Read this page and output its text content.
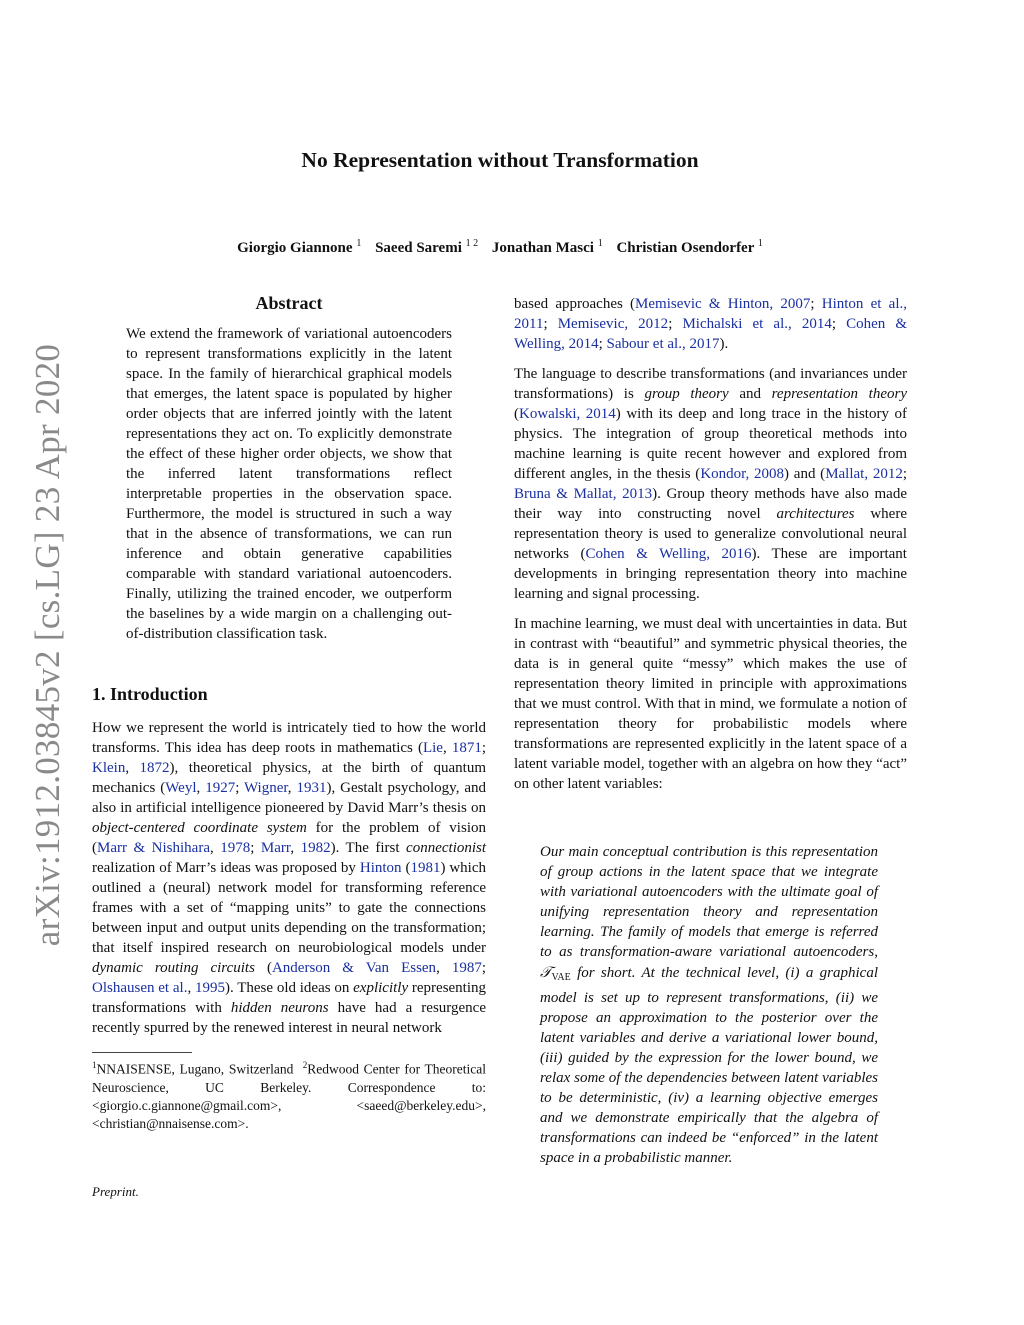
arXiv:1912.03845v2 [cs.LG] 23 Apr 2020
No Representation without Transformation
Giorgio Giannone $^1$ Saeed Saremi $^{1 2}$ Jonathan Masci $^1$ Christian Osendorfer $^1$
Abstract

We extend the framework of variational autoencoders to represent transformations explicitly in the latent space. In the family of hierarchical graphical models that emerges, the latent space is populated by higher order objects that are inferred jointly with the latent representations they act on. To explicitly demonstrate the effect of these higher order objects, we show that the inferred latent transformations reflect interpretable properties in the observation space. Furthermore, the model is structured in such a way that in the absence of transformations, we can run inference and obtain generative capabilities comparable with standard variational autoencoders. Finally, utilizing the trained encoder, we outperform the baselines by a wide margin on a challenging out-of-distribution classification task.

1. Introduction

How we represent the world is intricately tied to how the world transforms. This idea has deep roots in mathematics (Lie, 1871; Klein, 1872), theoretical physics, at the birth of quantum mechanics (Weyl, 1927; Wigner, 1931), Gestalt psychology, and also in artificial intelligence pioneered by David Marr’s thesis on object-centered coordinate system for the problem of vision (Marr & Nishihara, 1978; Marr, 1982). The first connectionist realization of Marr’s ideas was proposed by Hinton (1981) which outlined a (neural) network model for transforming reference frames with a set of “mapping units” to gate the connections between input and output units depending on the transformation; that itself inspired research on neurobiological models under dynamic routing circuits (Anderson & Van Essen, 1987; Olshausen et al., 1995). These old ideas on explicitly representing transformations with hidden neurons have had a resurgence recently spurred by the renewed interest in neural network

$^1$NNAISENSE, Lugano, Switzerland $^2$Redwood Center for Theoretical Neuroscience, UC Berkeley.	Correspondence to: <giorgio.c.giannone@gmail.com>, <saeed@berkeley.edu>, <christian@nnaisense.com>.

Preprint.

based approaches (Memisevic & Hinton, 2007; Hinton et al., 2011; Memisevic, 2012; Michalski et al., 2014; Cohen & Welling, 2014; Sabour et al., 2017).

The language to describe transformations (and invariances under transformations) is group theory and representation theory (Kowalski, 2014) with its deep and long trace in the history of physics. The integration of group theoretical methods into machine learning is quite recent however and explored from different angles, in the thesis (Kondor, 2008) and (Mallat, 2012; Bruna & Mallat, 2013). Group theory methods have also made their way into constructing novel architectures where representation theory is used to generalize convolutional neural networks (Cohen & Welling, 2016). These are important developments in bringing representation theory into machine learning and signal processing.

In machine learning, we must deal with uncertainties in data. But in contrast with “beautiful” and symmetric physical theories, the data is in general quite “messy” which makes the use of representation theory limited in principle with approximations that we must control. With that in mind, we formulate a notion of representation theory for probabilistic models where transformations are represented explicitly in the latent space of a latent variable model, together with an algebra on how they “act” on other latent variables:

Our main conceptual contribution is this representation of group actions in the latent space that we integrate with variational autoencoders with the ultimate goal of unifying representation theory and representation learning. The family of models that emerge is referred to as transformation-aware variational autoencoders, 𝒯$_{VAE}$ for short. At the technical level, (i) a graphical model is set up to represent transformations, (ii) we propose an approximation to the posterior over the latent variables and derive a variational lower bound, (iii) guided by the expression for the lower bound, we relax some of the dependencies between latent variables to be deterministic, (iv) a learning objective emerges and we demonstrate empirically that the algebra of transformations can indeed be “enforced” in the latent space in a probabilistic manner.
